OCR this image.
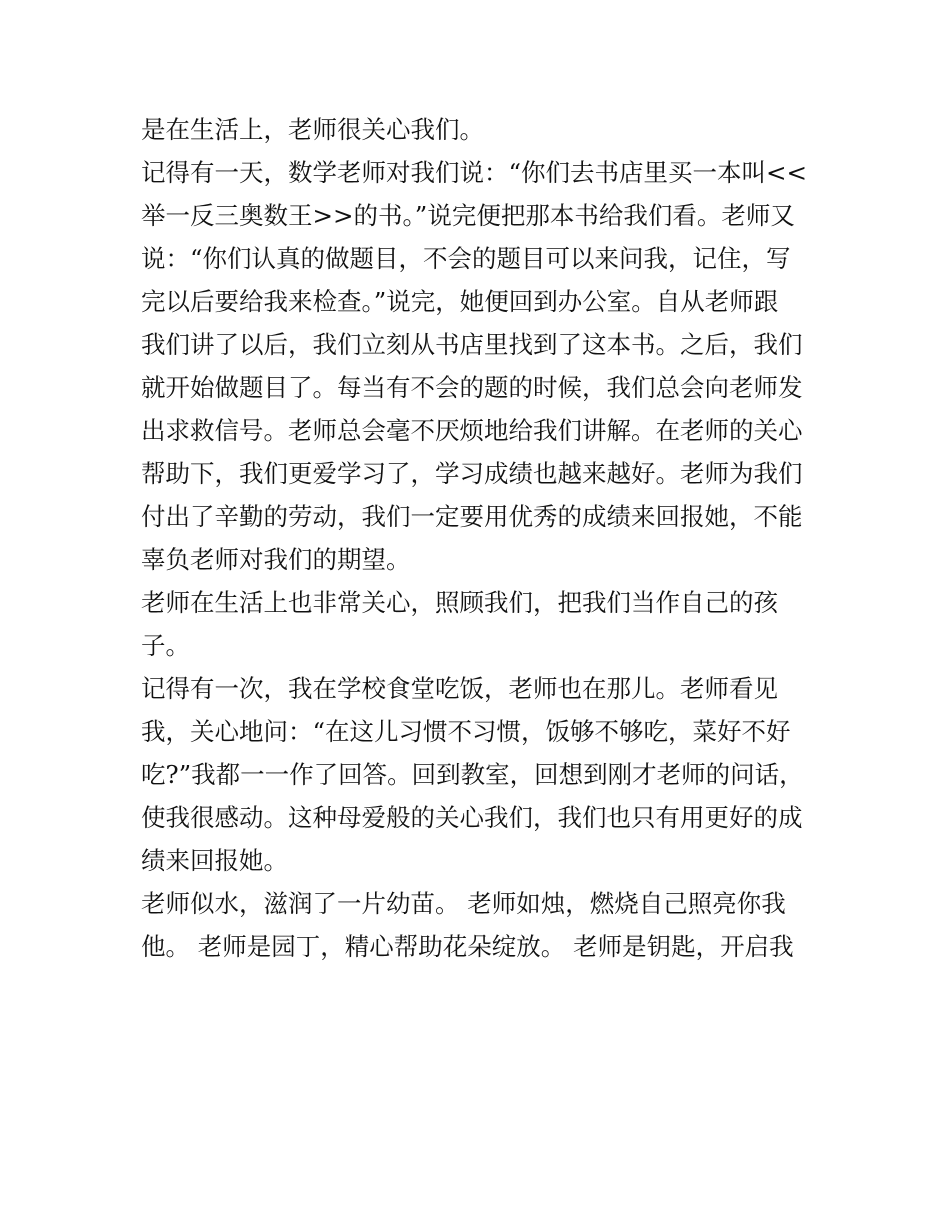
是在生活上，老师很关心我们。
记得有一天，数学老师对我们说：“你们去书店里买一本叫<<
举一反三奥数王>>的书。”说完便把那本书给我们看。老师又
说：“你们认真的做题目，不会的题目可以来问我，记住，写
完以后要给我来检查。”说完，她便回到办公室。自从老师跟
我们讲了以后，我们立刻从书店里找到了这本书。之后，我们
就开始做题目了。每当有不会的题的时候，我们总会向老师发
出求救信号。老师总会毫不厌烦地给我们讲解。在老师的关心
帮助下，我们更爱学习了，学习成绩也越来越好。老师为我们
付出了辛勤的劳动，我们一定要用优秀的成绩来回报她，不能
辜负老师对我们的期望。
老师在生活上也非常关心，照顾我们，把我们当作自己的孩
子。
记得有一次，我在学校食堂吃饭，老师也在那儿。老师看见
我，关心地问：“在这儿习惯不习惯，饭够不够吃，菜好不好
吃?”我都一一作了回答。回到教室，回想到刚才老师的问话，
使我很感动。这种母爱般的关心我们，我们也只有用更好的成
绩来回报她。
老师似水，滋润了一片幼苗。 老师如烛，燃烧自己照亮你我
他。 老师是园丁，精心帮助花朵绽放。 老师是钥匙，开启我
